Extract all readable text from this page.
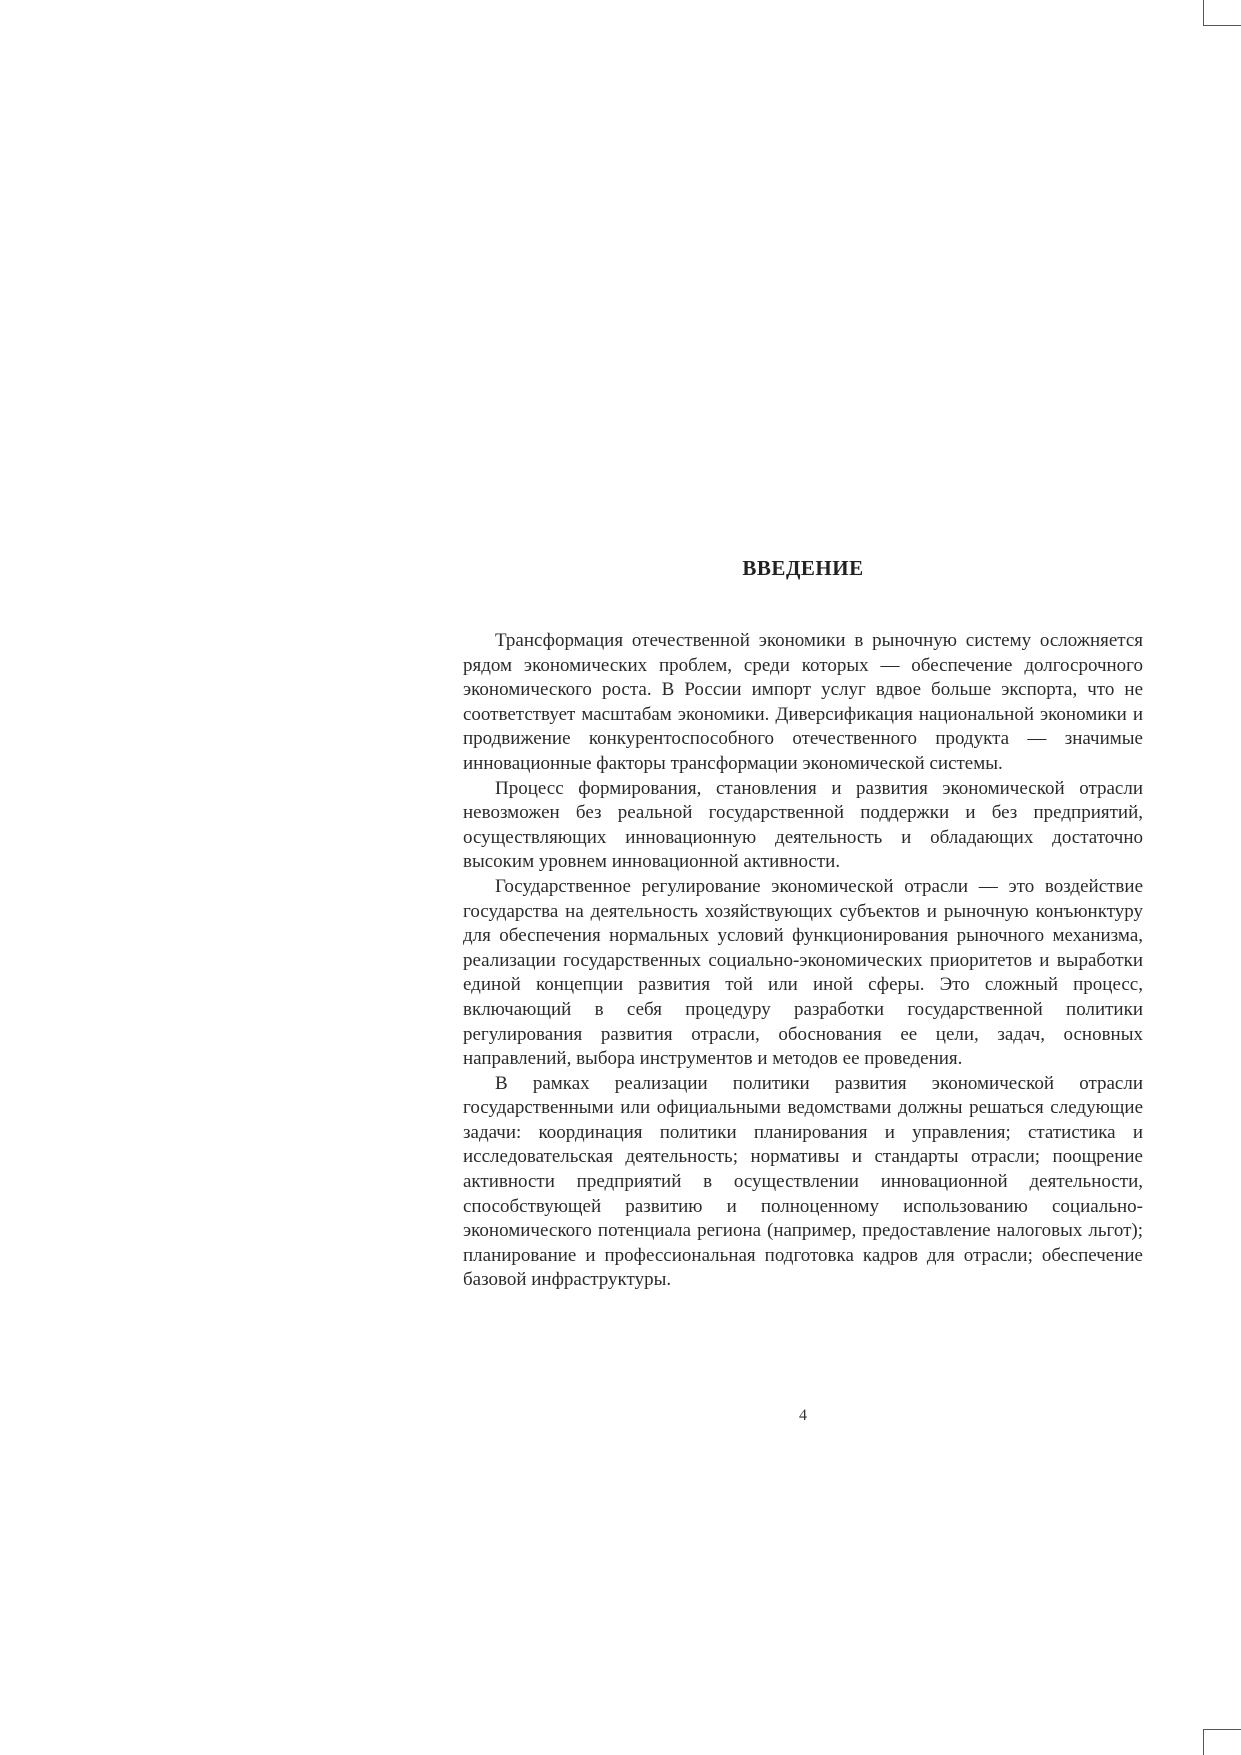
ВВЕДЕНИЕ

Трансформация отечественной экономики в рыночную систему осложняется рядом экономических проблем, среди которых — обеспечение долгосрочного экономического роста. В России импорт услуг вдвое больше экспорта, что не соответствует масштабам экономики. Диверсификация национальной экономики и продвижение конкурентоспособного отечественного продукта — значимые инновационные факторы трансформации экономической системы.

Процесс формирования, становления и развития экономической отрасли невозможен без реальной государственной поддержки и без предприятий, осуществляющих инновационную деятельность и обладающих достаточно высоким уровнем инновационной активности.

Государственное регулирование экономической отрасли — это воздействие государства на деятельность хозяйствующих субъектов и рыночную конъюнктуру для обеспечения нормальных условий функционирования рыночного механизма, реализации государственных социально-экономических приоритетов и выработки единой концепции развития той или иной сферы. Это сложный процесс, включающий в себя процедуру разработки государственной политики регулирования развития отрасли, обоснования ее цели, задач, основных направлений, выбора инструментов и методов ее проведения.

В рамках реализации политики развития экономической отрасли государственными или официальными ведомствами должны решаться следующие задачи: координация политики планирования и управления; статистика и исследовательская деятельность; нормативы и стандарты отрасли; поощрение активности предприятий в осуществлении инновационной деятельности, способствующей развитию и полноценному использованию социально-экономического потенциала региона (например, предоставление налоговых льгот); планирование и профессиональная подготовка кадров для отрасли; обеспечение базовой инфраструктуры.

4
